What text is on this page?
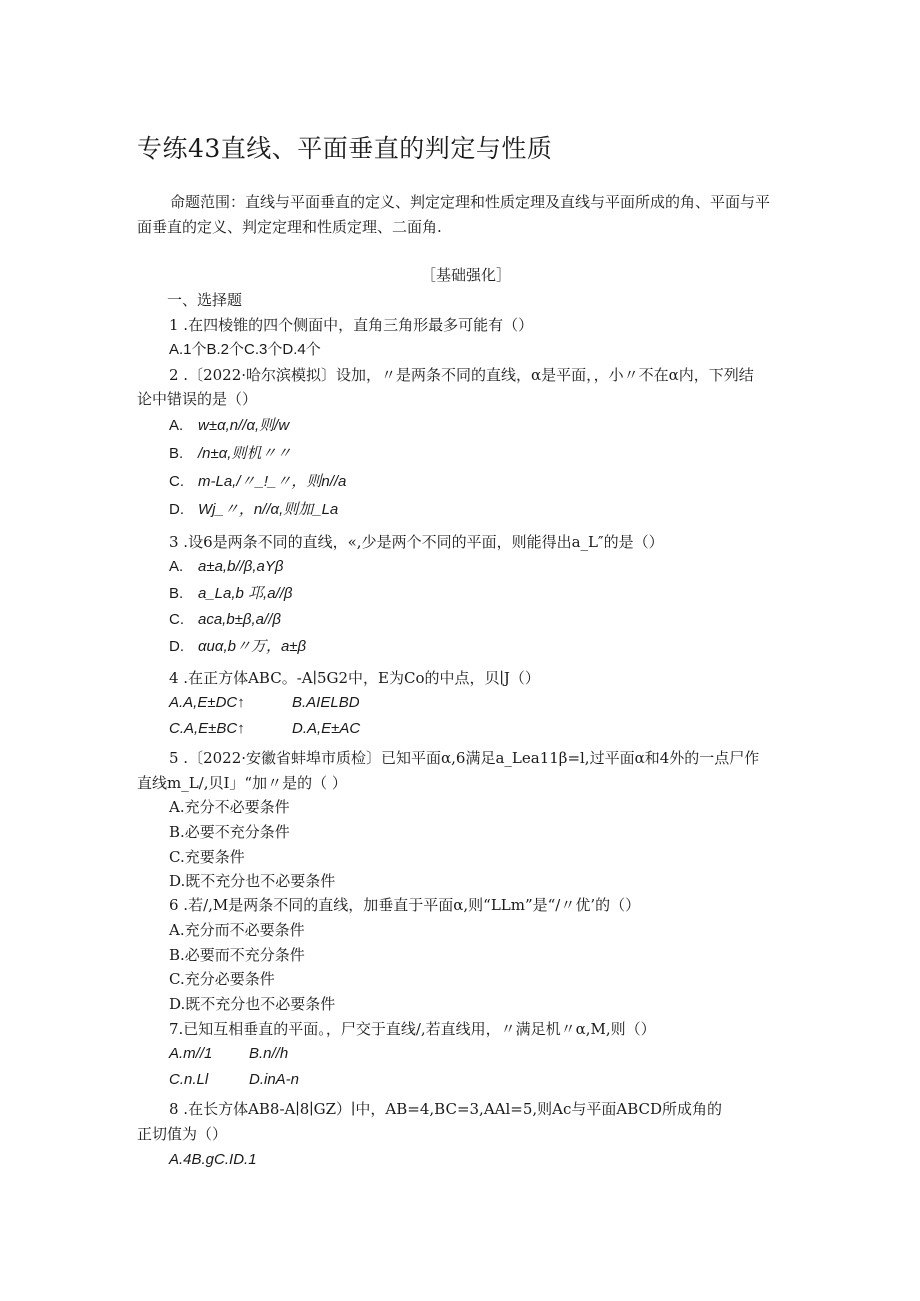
专练43直线、平面垂直的判定与性质
命题范围：直线与平面垂直的定义、判定定理和性质定理及直线与平面所成的角、平面与平
面垂直的定义、判定定理和性质定理、二面角.
［基础强化］
一、选择题
1 .在四棱锥的四个侧面中，直角三角形最多可能有（）
A.1个B.2个C.3个D.4个
2 .〔2022·哈尔滨模拟〕设加，〃是两条不同的直线，α是平面，，小〃不在α内，下列结
论中错误的是（）
A. w±α,n//α,则/w
B. /n±α,则机〃〃
C. m-La,/〃_!_〃，则n//a
D. Wj_〃，n//α,则加_La
3 .设6是两条不同的直线，«,少是两个不同的平面，则能得出a_L″的是（）
A. a±a,b//β,aYβ
B. a_La,b 邛,a//β
C. aca,b±β,a//β
D. αuα,b〃万，a±β
4 .在正方体ABC。-A∣5G2中，E为Co的中点，贝∣J（）
A.A,E±DC↑	B.AIELBD
C.A,E±BC↑	D.A,E±AC
5 .〔2022·安徽省蚌埠市质检〕已知平面α,6满足a_Lea11β=l,过平面α和4外的一点尸作
直线m_L/,贝I」“加〃是的（ ）
A.充分不必要条件
B.必要不充分条件
C.充要条件
D.既不充分也不必要条件
6 .若/,M是两条不同的直线，加垂直于平面α,则“LLm”是“/〃优’的（）
A.充分而不必要条件
B.必要而不充分条件
C.充分必要条件
D.既不充分也不必要条件
7.已知互相垂直的平面。，尸交于直线/,若直线用，〃满足机〃α,M,则（）
A.m//1 B.n//h
C.n.Ll	D.inA-n
8 .在长方体AB8-A∣8∣GZ）∣中，AB=4,BC=3,AAl=5,则Ac与平面ABCD所成角的
正切值为（）
A.4B.gC.ID.1
